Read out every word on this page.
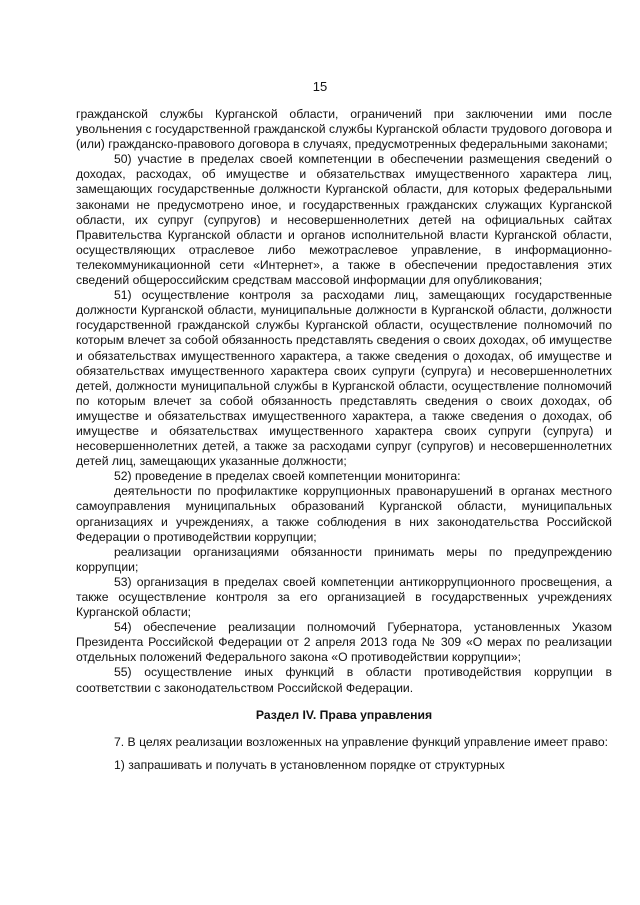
15

гражданской службы Курганской области, ограничений при заключении ими после увольнения с государственной гражданской службы Курганской области трудового договора и (или) гражданско-правового договора в случаях, предусмотренных федеральными законами;

50) участие в пределах своей компетенции в обеспечении размещения сведений о доходах, расходах, об имуществе и обязательствах имущественного характера лиц, замещающих государственные должности Курганской области, для которых федеральными законами не предусмотрено иное, и государственных гражданских служащих Курганской области, их супруг (супругов) и несовершеннолетних детей на официальных сайтах Правительства Курганской области и органов исполнительной власти Курганской области, осуществляющих отраслевое либо межотраслевое управление, в информационно-телекоммуникационной сети «Интернет», а также в обеспечении предоставления этих сведений общероссийским средствам массовой информации для опубликования;

51) осуществление контроля за расходами лиц, замещающих государственные должности Курганской области, муниципальные должности в Курганской области, должности государственной гражданской службы Курганской области, осуществление полномочий по которым влечет за собой обязанность представлять сведения о своих доходах, об имуществе и обязательствах имущественного характера, а также сведения о доходах, об имуществе и обязательствах имущественного характера своих супруги (супруга) и несовершеннолетних детей, должности муниципальной службы в Курганской области, осуществление полномочий по которым влечет за собой обязанность представлять сведения о своих доходах, об имуществе и обязательствах имущественного характера, а также сведения о доходах, об имуществе и обязательствах имущественного характера своих супруги (супруга) и несовершеннолетних детей, а также за расходами супруг (супругов) и несовершеннолетних детей лиц, замещающих указанные должности;

52) проведение в пределах своей компетенции мониторинга:

деятельности по профилактике коррупционных правонарушений в органах местного самоуправления муниципальных образований Курганской области, муниципальных организациях и учреждениях, а также соблюдения в них законодательства Российской Федерации о противодействии коррупции;

реализации организациями обязанности принимать меры по предупреждению коррупции;

53) организация в пределах своей компетенции антикоррупционного просвещения, а также осуществление контроля за его организацией в государственных учреждениях Курганской области;

54) обеспечение реализации полномочий Губернатора, установленных Указом Президента Российской Федерации от 2 апреля 2013 года № 309 «О мерах по реализации отдельных положений Федерального закона «О противодействии коррупции»;

55) осуществление иных функций в области противодействия коррупции в соответствии с законодательством Российской Федерации.

Раздел IV. Права управления

7. В целях реализации возложенных на управление функций управление имеет право:

1) запрашивать и получать в установленном порядке от структурных
